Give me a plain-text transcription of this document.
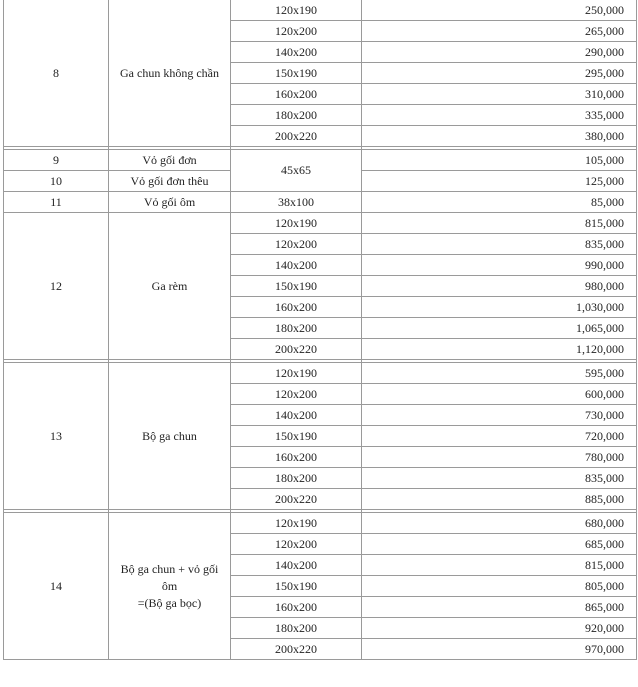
8	Ga chun không chần	120x190	250,000
		120x200	265,000
		140x200	290,000
		150x190	295,000
		160x200	310,000
		180x200	335,000
		200x220	380,000

9	Vỏ gối đơn	45x65	105,000
10	Vỏ gối đơn thêu		125,000
11	Vỏ gối ôm	38x100	85,000
12	Ga rèm	120x190	815,000
		120x200	835,000
		140x200	990,000
		150x190	980,000
		160x200	1,030,000
		180x200	1,065,000
		200x220	1,120,000

13	Bộ ga chun	120x190	595,000
		120x200	600,000
		140x200	730,000
		150x190	720,000
		160x200	780,000
		180x200	835,000
		200x220	885,000

14	Bộ ga chun + vỏ gối
ôm
=(Bộ ga bọc)	120x190	680,000
		120x200	685,000
		140x200	815,000
		150x190	805,000
		160x200	865,000
		180x200	920,000
		200x220	970,000
